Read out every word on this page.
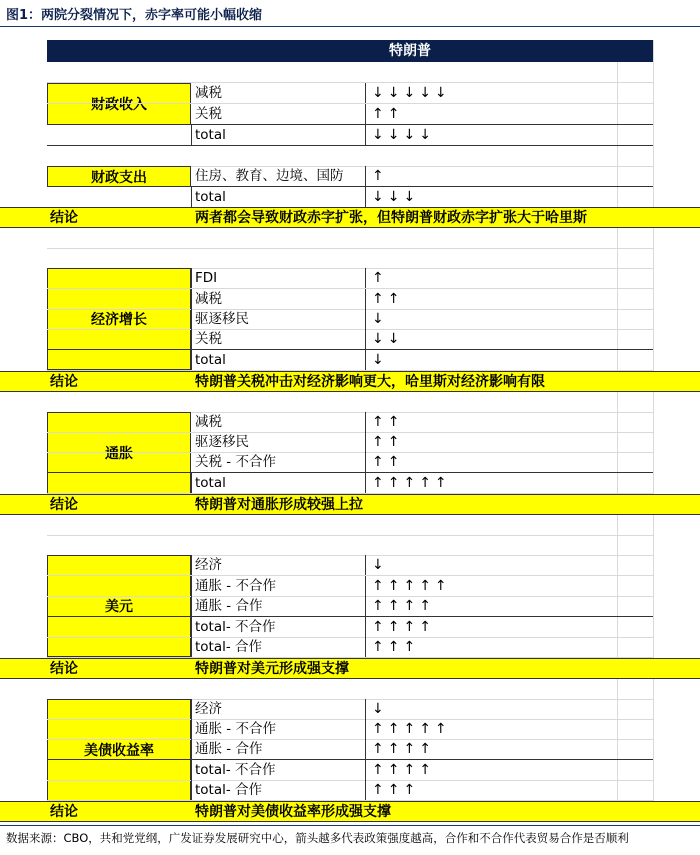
图1：两院分裂情况下，赤字率可能小幅收缩
特朗普
财政收入
减税	↓↓↓↓↓
关税	↑↑
total	↓↓↓↓
财政支出	住房、教育、边境、国防	↑
total	↓↓↓
结论	两者都会导致财政赤字扩张，但特朗普财政赤字扩张大于哈里斯
经济增长
FDI	↑
减税	↑↑
驱逐移民	↓
关税	↓↓
total	↓
结论	特朗普关税冲击对经济影响更大，哈里斯对经济影响有限
通胀
减税	↑↑
驱逐移民	↑↑
关税 - 不合作	↑↑
total	↑↑↑↑↑
结论	特朗普对通胀形成较强上拉
美元
经济	↓
通胀 - 不合作	↑↑↑↑↑
通胀 - 合作	↑↑↑↑
total- 不合作	↑↑↑↑
total- 合作	↑↑↑
结论	特朗普对美元形成强支撑
美债收益率
经济	↓
通胀 - 不合作	↑↑↑↑↑
通胀 - 合作	↑↑↑↑
total- 不合作	↑↑↑↑
total- 合作	↑↑↑
结论	特朗普对美债收益率形成强支撑
数据来源：CBO，共和党党纲，广发证券发展研究中心，箭头越多代表政策强度越高，合作和不合作代表贸易合作是否顺利
